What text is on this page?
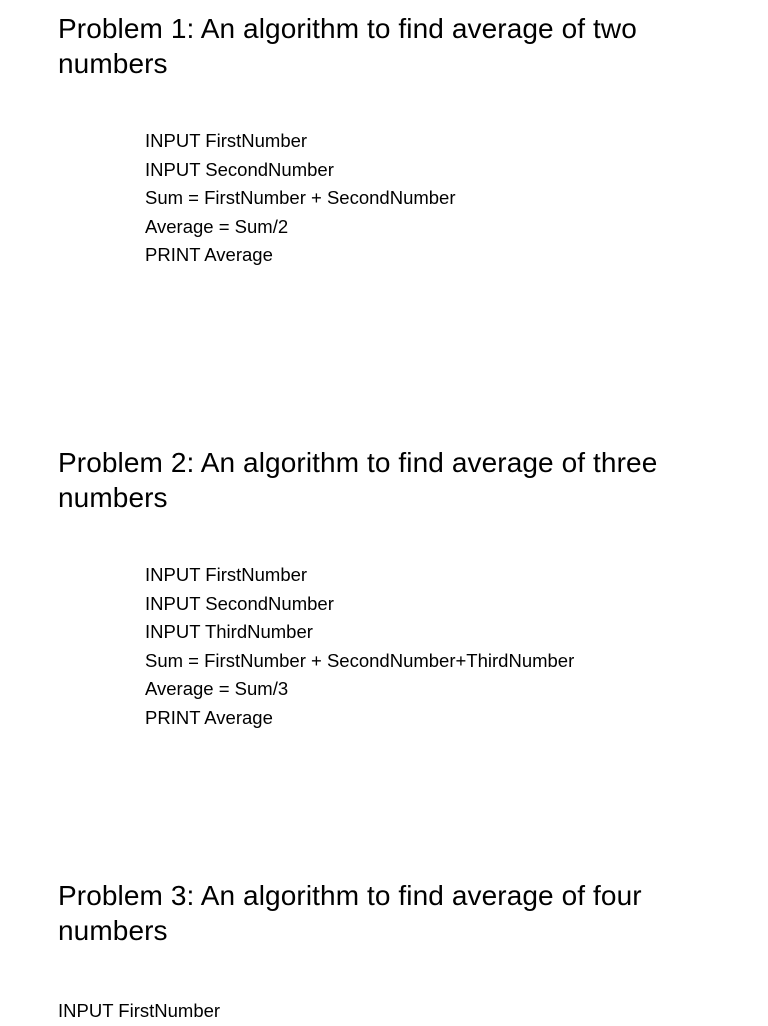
Problem 1: An algorithm to find average of two numbers
INPUT FirstNumber
INPUT SecondNumber
Sum = FirstNumber + SecondNumber
Average = Sum/2
PRINT Average
Problem 2: An algorithm to find average of three numbers
INPUT FirstNumber
INPUT SecondNumber
INPUT ThirdNumber
Sum = FirstNumber + SecondNumber+ThirdNumber
Average = Sum/3
PRINT Average
Problem 3: An algorithm to find average of four numbers
INPUT FirstNumber
